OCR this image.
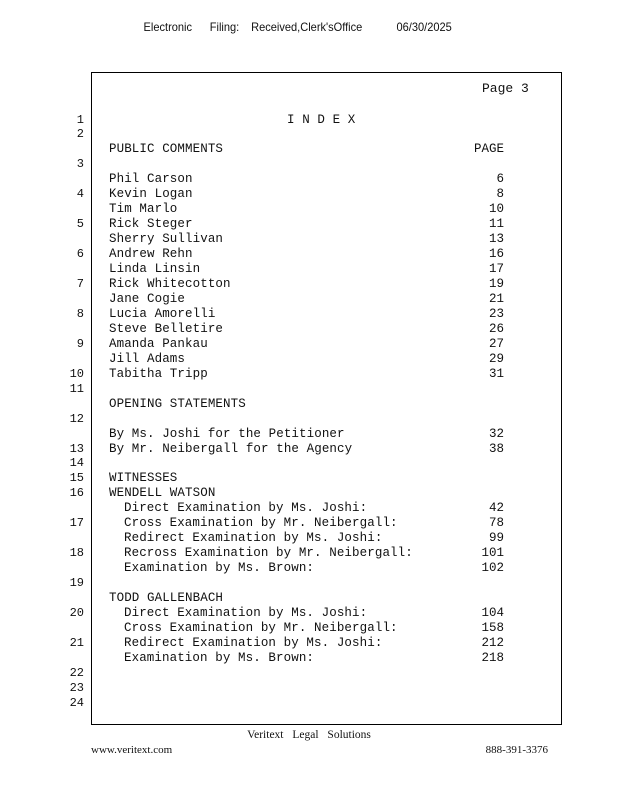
Electronic Filing: Received,Clerk'sOffice	06/30/2025
Page 3
1
2
3
4
5
6
7
8
9
10
11
12
13
14
15
16
17
18
19
20
21
22
23
24
I N D E X
PUBLIC COMMENTS	PAGE
Phil Carson	6
Kevin Logan	8
Tim Marlo	10
Rick Steger	11
Sherry Sullivan	13
Andrew Rehn	16
Linda Linsin	17
Rick Whitecotton	19
Jane Cogie	21
Lucia Amorelli	23
Steve Belletire	26
Amanda Pankau	27
Jill Adams	29
Tabitha Tripp	31
OPENING STATEMENTS
By Ms. Joshi for the Petitioner	32
By Mr. Neibergall for the Agency	38
WITNESSES
WENDELL WATSON
Direct Examination by Ms. Joshi:	42
Cross Examination by Mr. Neibergall:	78
Redirect Examination by Ms. Joshi:	99
Recross Examination by Mr. Neibergall:	101
Examination by Ms. Brown:	102
TODD GALLENBACH
Direct Examination by Ms. Joshi:	104
Cross Examination by Mr. Neibergall:	158
Redirect Examination by Ms. Joshi:	212
Examination by Ms. Brown:	218
Veritext Legal Solutions
www.veritext.com	888-391-3376
